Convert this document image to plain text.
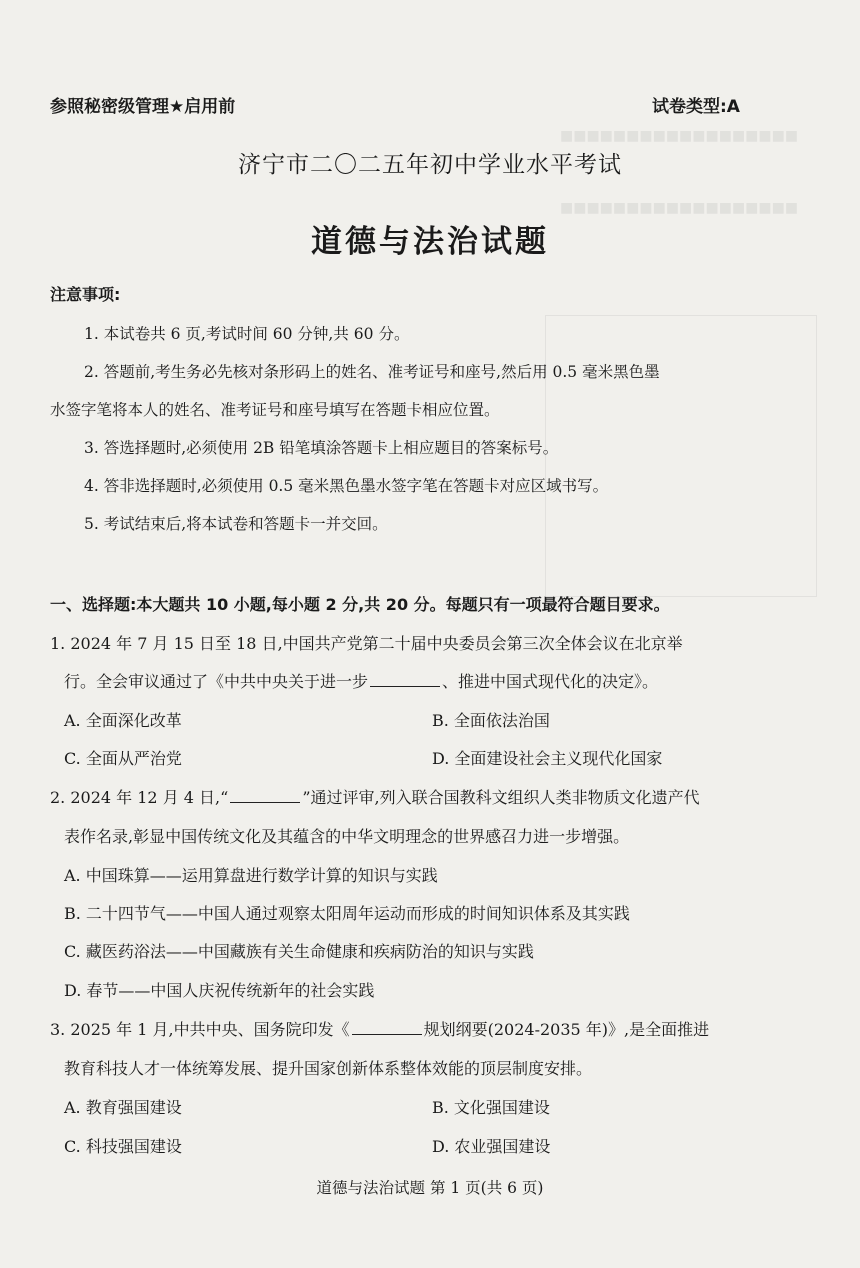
■■■■■■■■■■■■■■■■■■
■■■■■■■■■■■■■■■■■■
参照秘密级管理★启用前	试卷类型:A
济宁市二〇二五年初中学业水平考试
道德与法治试题
注意事项:
1. 本试卷共 6 页,考试时间 60 分钟,共 60 分。
2. 答题前,考生务必先核对条形码上的姓名、准考证号和座号,然后用 0.5 毫米黑色墨
水签字笔将本人的姓名、准考证号和座号填写在答题卡相应位置。
3. 答选择题时,必须使用 2B 铅笔填涂答题卡上相应题目的答案标号。
4. 答非选择题时,必须使用 0.5 毫米黑色墨水签字笔在答题卡对应区域书写。
5. 考试结束后,将本试卷和答题卡一并交回。
一、选择题:本大题共 10 小题,每小题 2 分,共 20 分。每题只有一项最符合题目要求。
1. 2024 年 7 月 15 日至 18 日,中国共产党第二十届中央委员会第三次全体会议在北京举
行。全会审议通过了《中共中央关于进一步	、推进中国式现代化的决定》。
A. 全面深化改革	B. 全面依法治国
C. 全面从严治党	D. 全面建设社会主义现代化国家
2. 2024 年 12 月 4 日,“	”通过评审,列入联合国教科文组织人类非物质文化遗产代
表作名录,彰显中国传统文化及其蕴含的中华文明理念的世界感召力进一步增强。
A. 中国珠算——运用算盘进行数学计算的知识与实践
B. 二十四节气——中国人通过观察太阳周年运动而形成的时间知识体系及其实践
C. 藏医药浴法——中国藏族有关生命健康和疾病防治的知识与实践
D. 春节——中国人庆祝传统新年的社会实践
3. 2025 年 1 月,中共中央、国务院印发《	规划纲要(2024-2035 年)》,是全面推进
教育科技人才一体统筹发展、提升国家创新体系整体效能的顶层制度安排。
A. 教育强国建设	B. 文化强国建设
C. 科技强国建设	D. 农业强国建设
道德与法治试题 第 1 页(共 6 页)
